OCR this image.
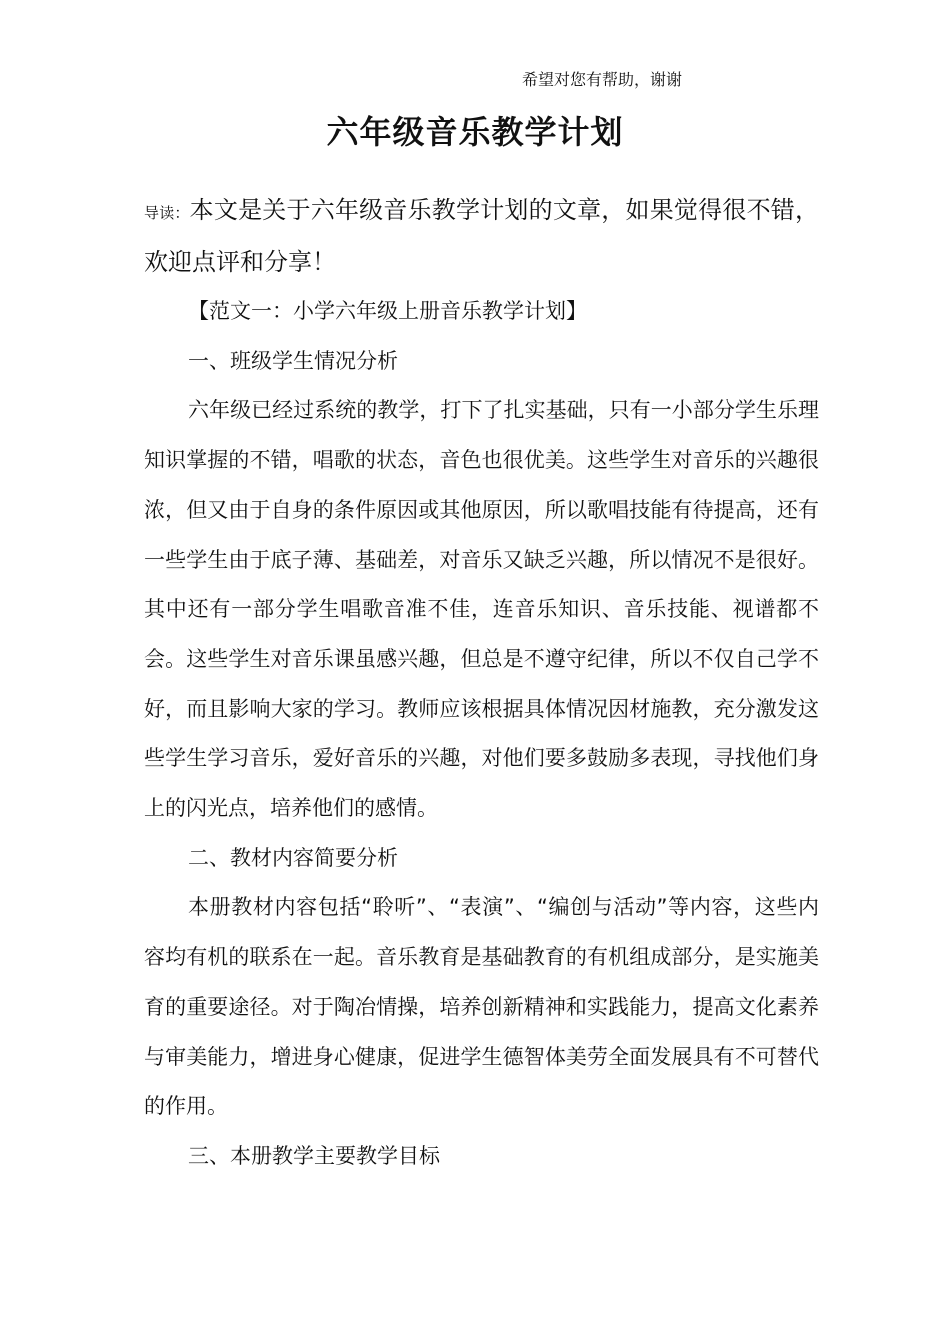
希望对您有帮助，谢谢
六年级音乐教学计划

导读：本文是关于六年级音乐教学计划的文章，如果觉得很不错，欢迎点评和分享！

【范文一：小学六年级上册音乐教学计划】

一、班级学生情况分析

六年级已经过系统的教学，打下了扎实基础，只有一小部分学生乐理知识掌握的不错，唱歌的状态，音色也很优美。这些学生对音乐的兴趣很浓，但又由于自身的条件原因或其他原因，所以歌唱技能有待提高，还有一些学生由于底子薄、基础差，对音乐又缺乏兴趣，所以情况不是很好。其中还有一部分学生唱歌音准不佳，连音乐知识、音乐技能、视谱都不会。这些学生对音乐课虽感兴趣，但总是不遵守纪律，所以不仅自己学不好，而且影响大家的学习。教师应该根据具体情况因材施教，充分激发这些学生学习音乐，爱好音乐的兴趣，对他们要多鼓励多表现，寻找他们身上的闪光点，培养他们的感情。

二、教材内容简要分析

本册教材内容包括“聆听”、“表演”、“编创与活动”等内容，这些内容均有机的联系在一起。音乐教育是基础教育的有机组成部分，是实施美育的重要途径。对于陶冶情操，培养创新精神和实践能力，提高文化素养与审美能力，增进身心健康，促进学生德智体美劳全面发展具有不可替代的作用。

三、本册教学主要教学目标
